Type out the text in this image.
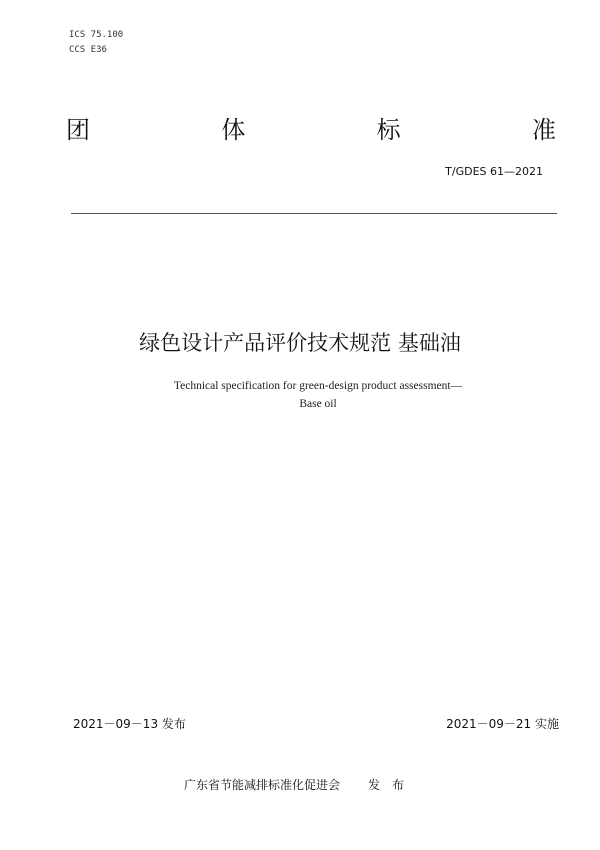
ICS 75.100
CCS E36
团	体	标	准
T/GDES 61—2021
绿色设计产品评价技术规范 基础油
Technical specification for green-design product assessment—
Base oil
2021－09－13 发布	2021－09－21 实施
广东省节能减排标准化促进会 发布
